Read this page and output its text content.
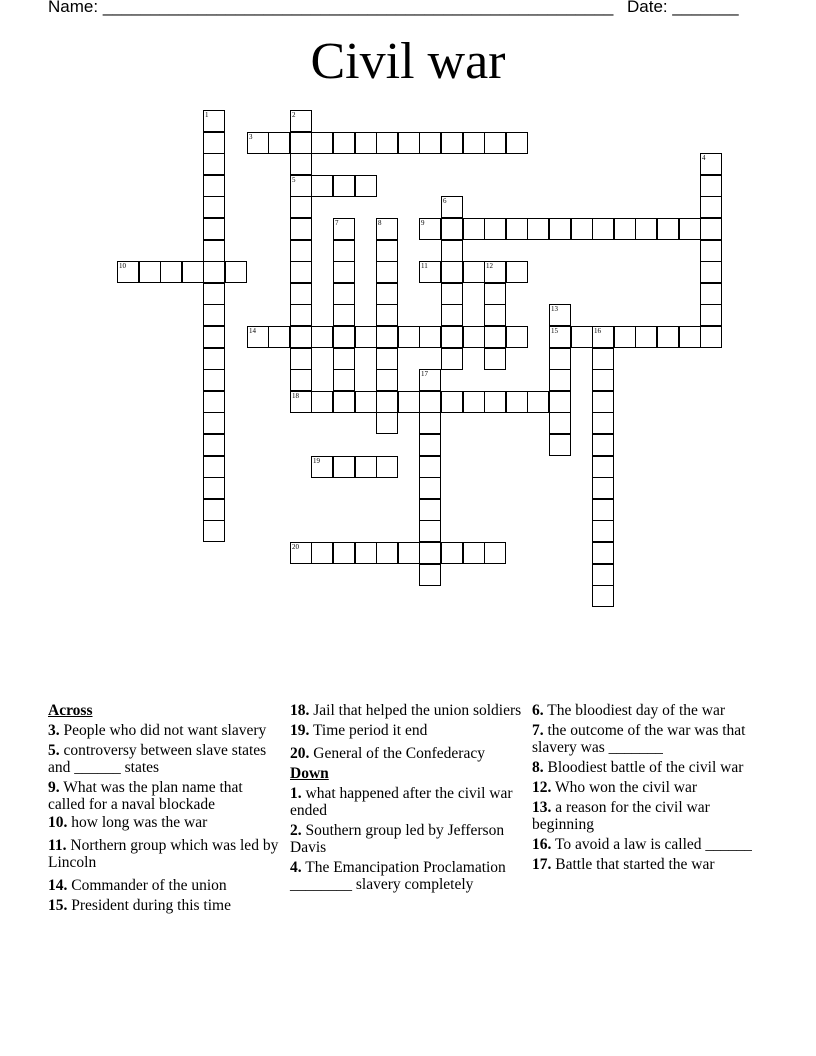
Name: ______________________________________________________ Date: _______
Civil war
1	2
5
18
3
4
6
7	8	9
10	11	12
13
15
14	16
17
19
20
Across
3. People who did not want slavery
5. controversy between slave states and ______ states
9. What was the plan name that called for a naval blockade
10. how long was the war
11. Northern group which was led by Lincoln
14. Commander of the union
15. President during this time
18. Jail that helped the union soldiers
19. Time period it end
20. General of the Confederacy
Down
1. what happened after the civil war ended
2. Southern group led by Jefferson Davis
4. The Emancipation Proclamation ________ slavery completely
6. The bloodiest day of the war
7. the outcome of the war was that slavery was _______
8. Bloodiest battle of the civil war
12. Who won the civil war
13. a reason for the civil war beginning
16. To avoid a law is called ______
17. Battle that started the war
